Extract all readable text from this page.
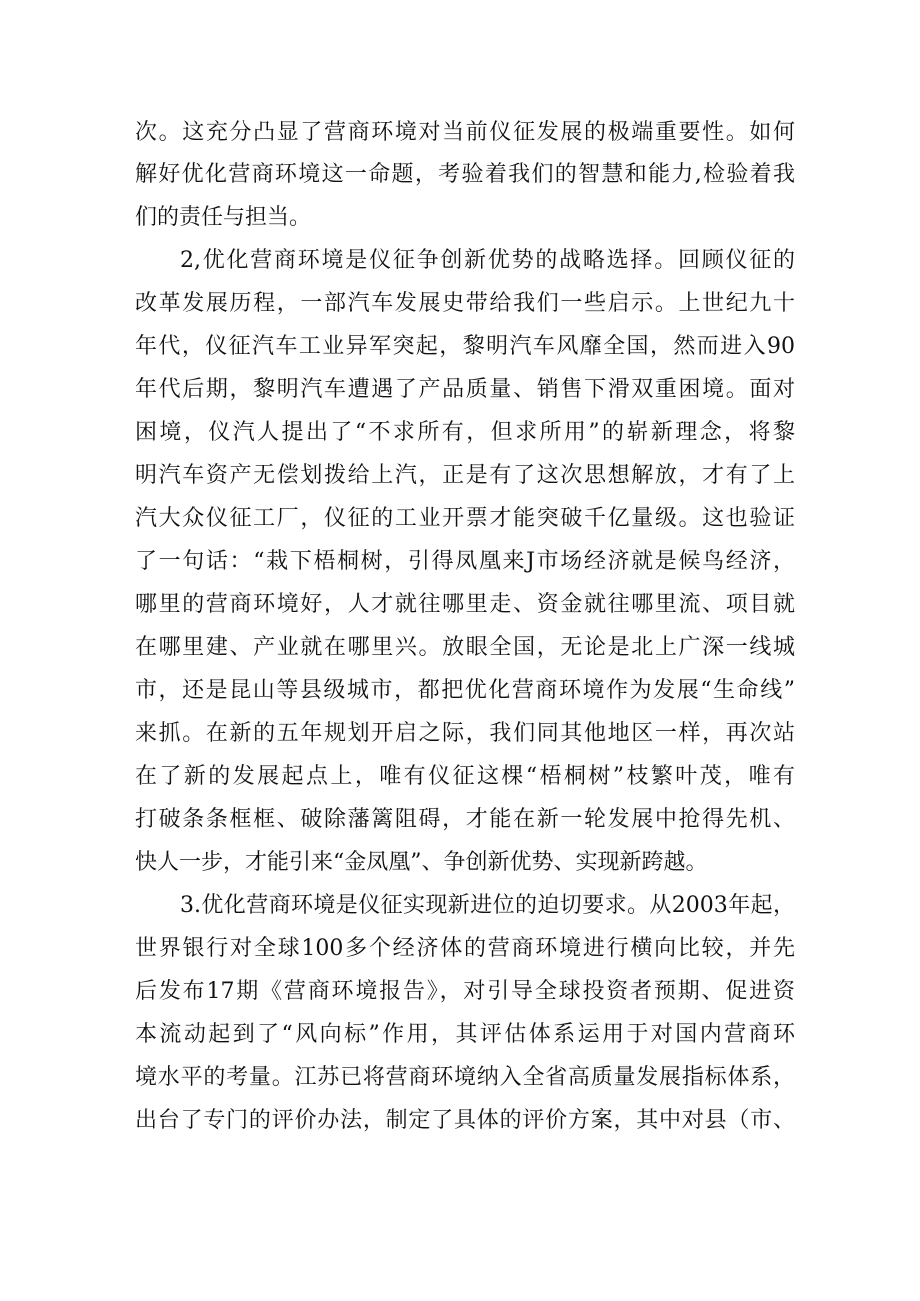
次。这充分凸显了营商环境对当前仪征发展的极端重要性。如何
解好优化营商环境这一命题，考验着我们的智慧和能力,检验着我
们的责任与担当。
2,优化营商环境是仪征争创新优势的战略选择。回顾仪征的
改革发展历程，一部汽车发展史带给我们一些启示。上世纪九十
年代，仪征汽车工业异军突起，黎明汽车风靡全国，然而进入90
年代后期，黎明汽车遭遇了产品质量、销售下滑双重困境。面对
困境，仪汽人提出了“不求所有，但求所用”的崭新理念，将黎
明汽车资产无偿划拨给上汽，正是有了这次思想解放，才有了上
汽大众仪征工厂，仪征的工业开票才能突破千亿量级。这也验证
了一句话：“栽下梧桐树，引得凤凰来J市场经济就是候鸟经济，
哪里的营商环境好，人才就往哪里走、资金就往哪里流、项目就
在哪里建、产业就在哪里兴。放眼全国，无论是北上广深一线城
市，还是昆山等县级城市，都把优化营商环境作为发展“生命线”
来抓。在新的五年规划开启之际，我们同其他地区一样，再次站
在了新的发展起点上，唯有仪征这棵“梧桐树”枝繁叶茂，唯有
打破条条框框、破除藩篱阻碍，才能在新一轮发展中抢得先机、
快人一步，才能引来“金凤凰”、争创新优势、实现新跨越。
3.优化营商环境是仪征实现新进位的迫切要求。从2003年起，
世界银行对全球100多个经济体的营商环境进行横向比较，并先
后发布17期《营商环境报告》，对引导全球投资者预期、促进资
本流动起到了“风向标”作用，其评估体系运用于对国内营商环
境水平的考量。江苏已将营商环境纳入全省高质量发展指标体系，
出台了专门的评价办法，制定了具体的评价方案，其中对县（市、
